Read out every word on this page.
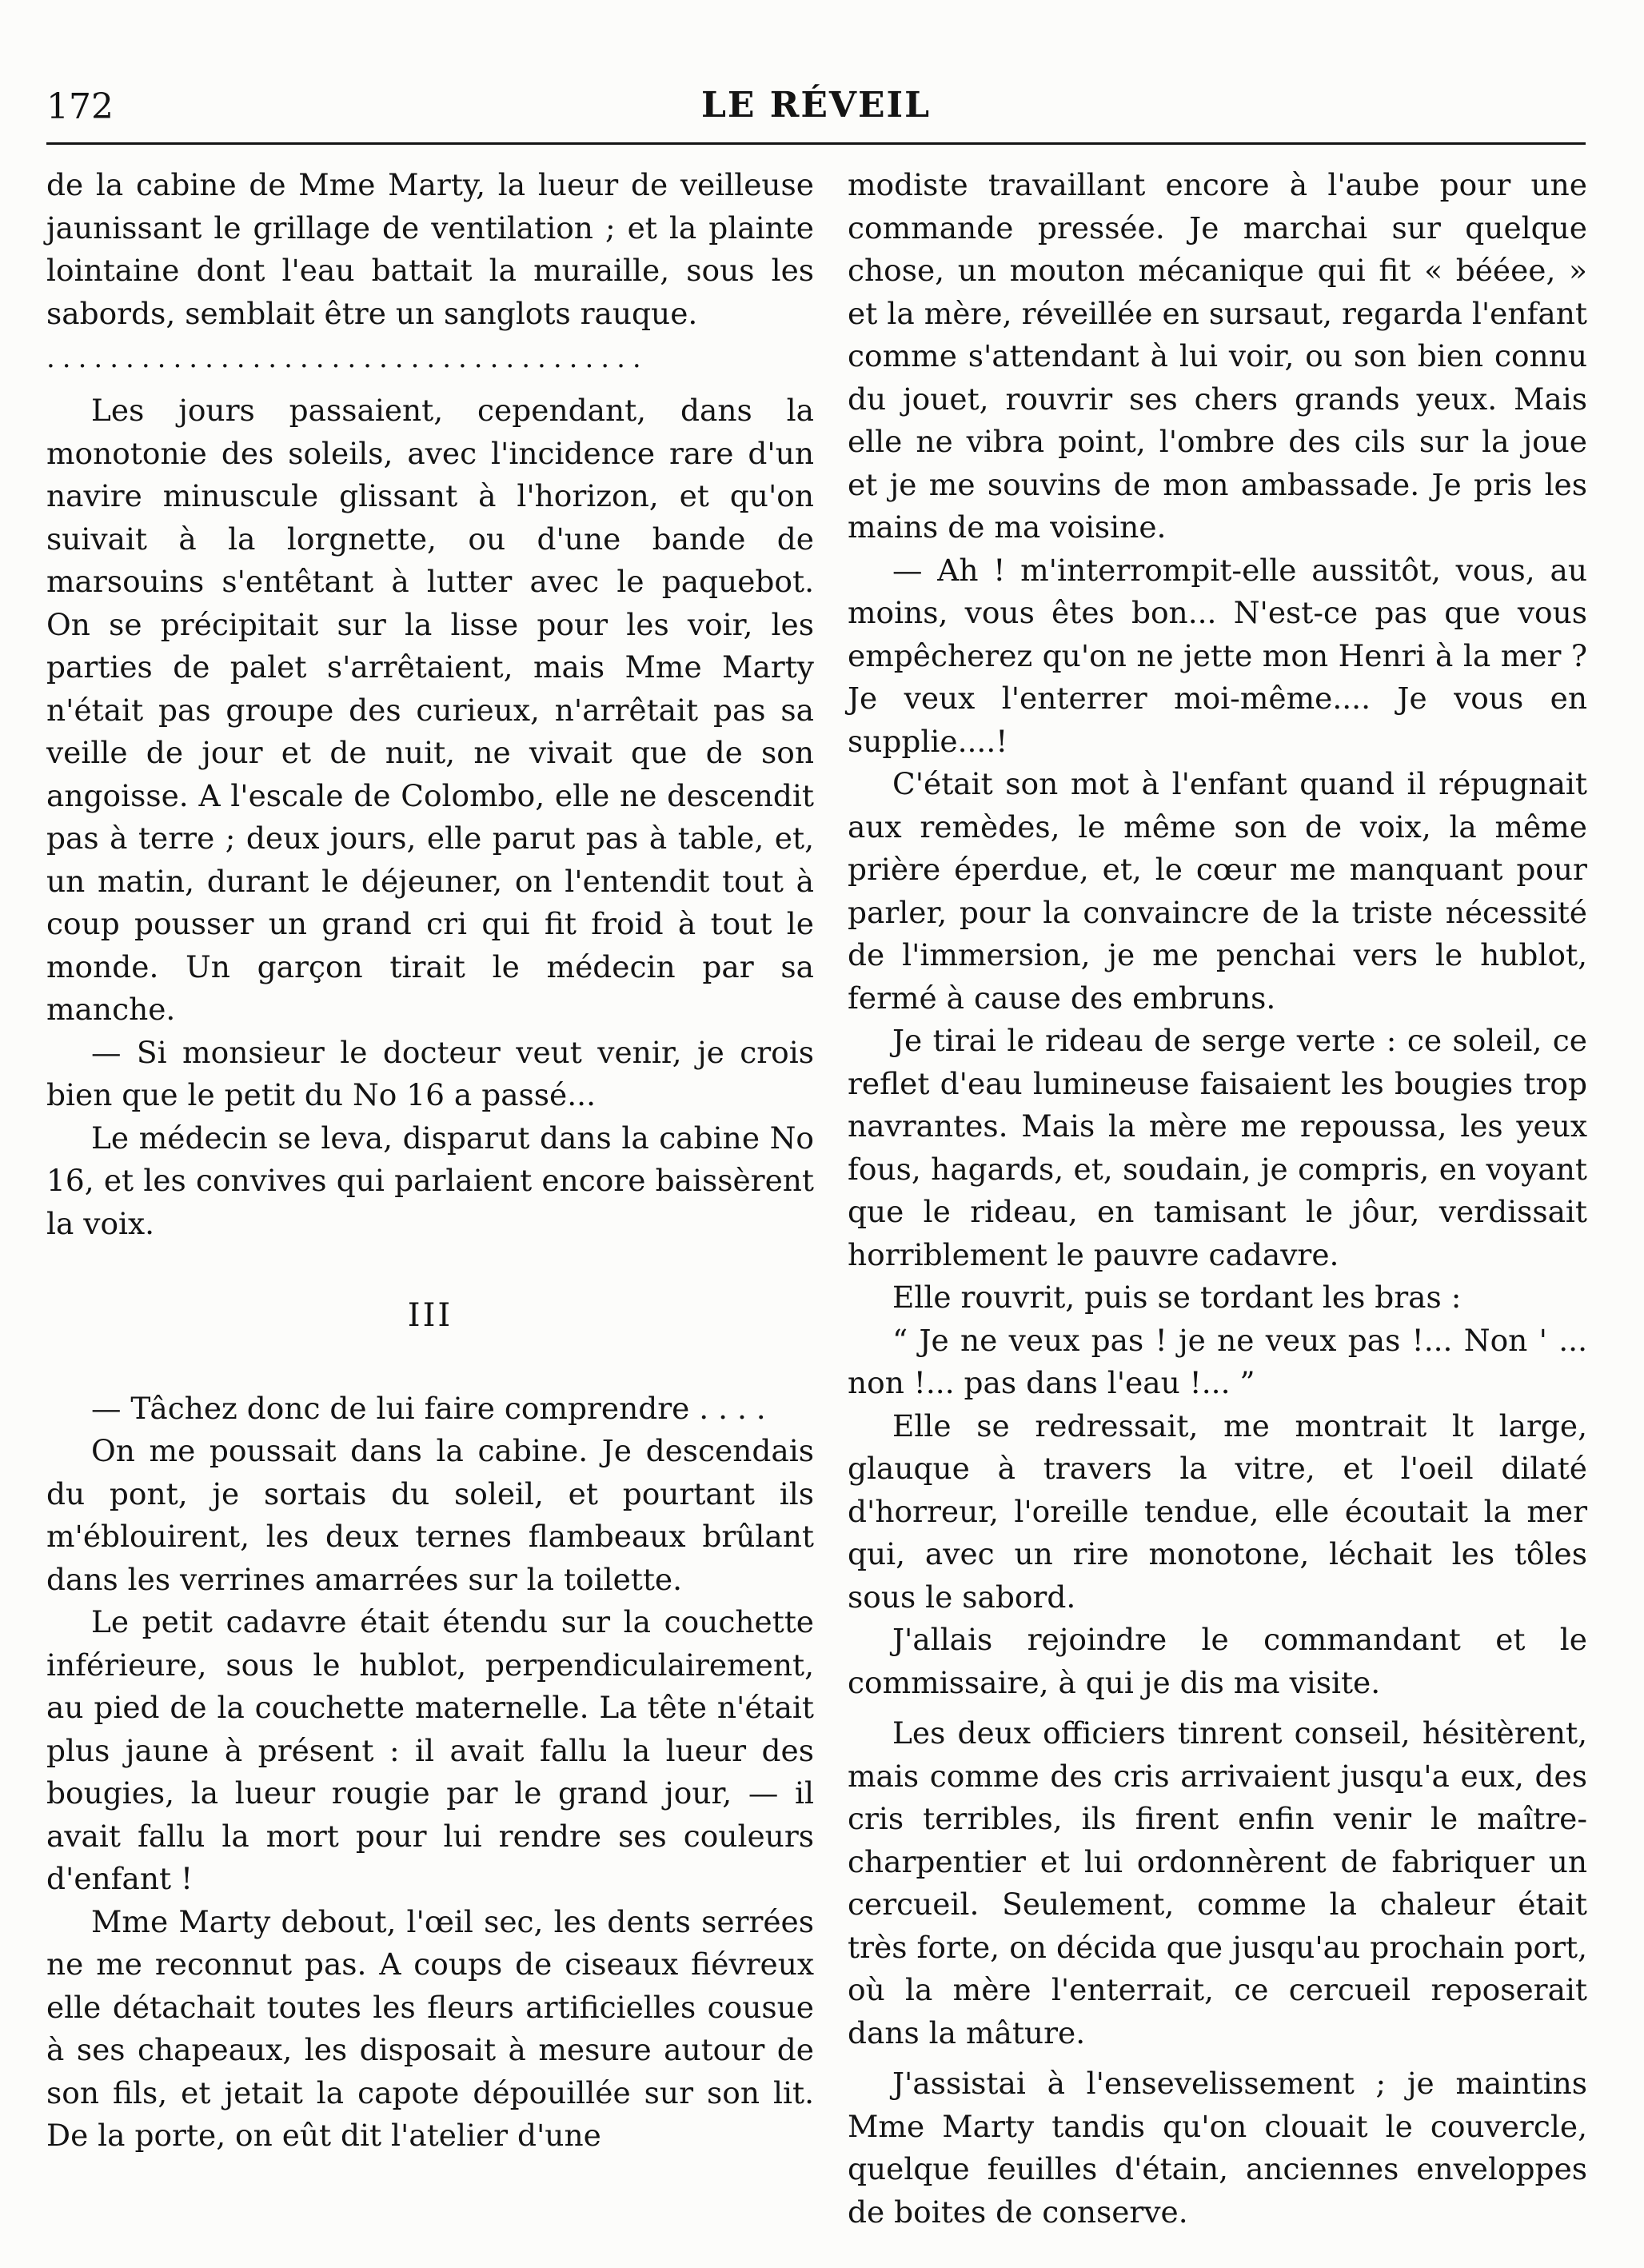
172	LE RÉVEIL

de la cabine de Mme Marty, la lueur de veilleuse jaunissant le grillage de ventilation ; et la plainte lointaine dont l'eau battait la muraille, sous les sabords, semblait être un sanglots rauque.

......................................

Les jours passaient, cependant, dans la monotonie des soleils, avec l'incidence rare d'un navire minuscule glissant à l'horizon, et qu'on suivait à la lorgnette, ou d'une bande de marsouins s'entêtant à lutter avec le paquebot. On se précipitait sur la lisse pour les voir, les parties de palet s'arrêtaient, mais Mme Marty n'était pas groupe des curieux, n'arrêtait pas sa veille de jour et de nuit, ne vivait que de son angoisse. A l'escale de Colombo, elle ne descendit pas à terre ; deux jours, elle parut pas à table, et, un matin, durant le déjeuner, on l'entendit tout à coup pousser un grand cri qui fit froid à tout le monde. Un garçon tirait le médecin par sa manche.

— Si monsieur le docteur veut venir, je crois bien que le petit du No 16 a passé...

Le médecin se leva, disparut dans la cabine No 16, et les convives qui parlaient encore baissèrent la voix.

III

— Tâchez donc de lui faire comprendre . . . .

On me poussait dans la cabine. Je descendais du pont, je sortais du soleil, et pourtant ils m'éblouirent, les deux ternes flambeaux brûlant dans les verrines amarrées sur la toilette.

Le petit cadavre était étendu sur la couchette inférieure, sous le hublot, perpendiculairement, au pied de la couchette maternelle. La tête n'était plus jaune à présent : il avait fallu la lueur des bougies, la lueur rougie par le grand jour, — il avait fallu la mort pour lui rendre ses couleurs d'enfant !

Mme Marty debout, l'œil sec, les dents serrées ne me reconnut pas. A coups de ciseaux fiévreux elle détachait toutes les fleurs artificielles cousue à ses chapeaux, les disposait à mesure autour de son fils, et jetait la capote dépouillée sur son lit. De la porte, on eût dit l'atelier d'une

modiste travaillant encore à l'aube pour une commande pressée. Je marchai sur quelque chose, un mouton mécanique qui fit « bééee, » et la mère, réveillée en sursaut, regarda l'enfant comme s'attendant à lui voir, ou son bien connu du jouet, rouvrir ses chers grands yeux. Mais elle ne vibra point, l'ombre des cils sur la joue et je me souvins de mon ambassade. Je pris les mains de ma voisine.

— Ah ! m'interrompit-elle aussitôt, vous, au moins, vous êtes bon... N'est-ce pas que vous empêcherez qu'on ne jette mon Henri à la mer ? Je veux l'enterrer moi-même.... Je vous en supplie....!

C'était son mot à l'enfant quand il répugnait aux remèdes, le même son de voix, la même prière éperdue, et, le cœur me manquant pour parler, pour la convaincre de la triste nécessité de l'immersion, je me penchai vers le hublot, fermé à cause des embruns.

Je tirai le rideau de serge verte : ce soleil, ce reflet d'eau lumineuse faisaient les bougies trop navrantes. Mais la mère me repoussa, les yeux fous, hagards, et, soudain, je compris, en voyant que le rideau, en tamisant le jôur, verdissait horriblement le pauvre cadavre.

Elle rouvrit, puis se tordant les bras :

“ Je ne veux pas ! je ne veux pas !... Non ' ... non !... pas dans l'eau !... ”

Elle se redressait, me montrait lt large, glauque à travers la vitre, et l'oeil dilaté d'horreur, l'oreille tendue, elle écoutait la mer qui, avec un rire monotone, léchait les tôles sous le sabord.

J'allais rejoindre le commandant et le commissaire, à qui je dis ma visite.

Les deux officiers tinrent conseil, hésitèrent, mais comme des cris arrivaient jusqu'a eux, des cris terribles, ils firent enfin venir le maître-charpentier et lui ordonnèrent de fabriquer un cercueil. Seulement, comme la chaleur était très forte, on décida que jusqu'au prochain port, où la mère l'enterrait, ce cercueil reposerait dans la mâture.

J'assistai à l'ensevelissement ; je maintins Mme Marty tandis qu'on clouait le couvercle, quelque feuilles d'étain, anciennes enveloppes de boites de conserve.
